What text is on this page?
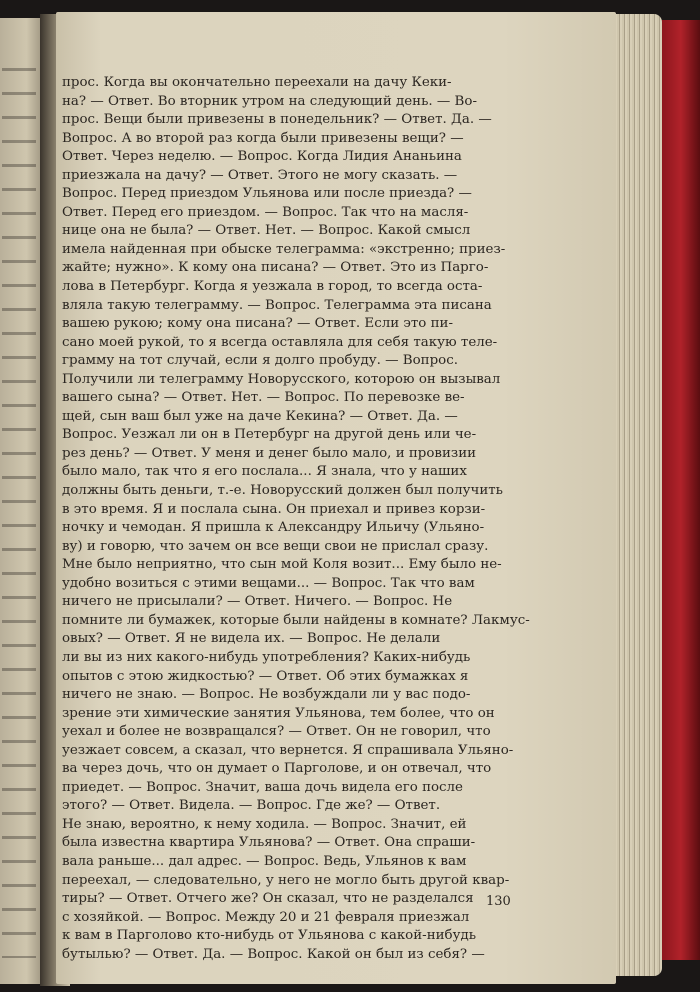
прос. Когда вы окончательно переехали на дачу Кеки-
на? — Ответ. Во вторник утром на следующий день. — Во-
прос. Вещи были привезены в понедельник? — Ответ. Да. —
Вопрос. А во второй раз когда были привезены вещи? —
Ответ. Через неделю. — Вопрос. Когда Лидия Ананьина
приезжала на дачу? — Ответ. Этого не могу сказать. —
Вопрос. Перед приездом Ульянова или после приезда? —
Ответ. Перед его приездом. — Вопрос. Так что на масля-
нице она не была? — Ответ. Нет. — Вопрос. Какой смысл
имела найденная при обыске телеграмма: «экстренно; приез-
жайте; нужно». К кому она писана? — Ответ. Это из Парго-
лова в Петербург. Когда я уезжала в город, то всегда оста-
вляла такую телеграмму. — Вопрос. Телеграмма эта писана
вашею рукою; кому она писана? — Ответ. Если это пи-
сано моей рукой, то я всегда оставляла для себя такую теле-
грамму на тот случай, если я долго пробуду. — Вопрос.
Получили ли телеграмму Новорусского, которою он вызывал
вашего сына? — Ответ. Нет. — Вопрос. По перевозке ве-
щей, сын ваш был уже на даче Кекина? — Ответ. Да. —
Вопрос. Уезжал ли он в Петербург на другой день или че-
рез день? — Ответ. У меня и денег было мало, и провизии
было мало, так что я его послала... Я знала, что у наших
должны быть деньги, т.-е. Новорусский должен был получить
в это время. Я и послала сына. Он приехал и привез корзи-
ночку и чемодан. Я пришла к Александру Ильичу (Ульяно-
ву) и говорю, что зачем он все вещи свои не прислал сразу.
Мне было неприятно, что сын мой Коля возит... Ему было не-
удобно возиться с этими вещами... — Вопрос. Так что вам
ничего не присылали? — Ответ. Ничего. — Вопрос. Не
помните ли бумажек, которые были найдены в комнате? Лакмус-
овых? — Ответ. Я не видела их. — Вопрос. Не делали
ли вы из них какого-нибудь употребления? Каких-нибудь
опытов с этою жидкостью? — Ответ. Об этих бумажках я
ничего не знаю. — Вопрос. Не возбуждали ли у вас подо-
зрение эти химические занятия Ульянова, тем более, что он
уехал и более не возвращался? — Ответ. Он не говорил, что
уезжает совсем, а сказал, что вернется. Я спрашивала Ульяно-
ва через дочь, что он думает о Парголове, и он отвечал, что
приедет. — Вопрос. Значит, ваша дочь видела его после
этого? — Ответ. Видела. — Вопрос. Где же? — Ответ.
Не знаю, вероятно, к нему ходила. — Вопрос. Значит, ей
была известна квартира Ульянова? — Ответ. Она спраши-
вала раньше... дал адрес. — Вопрос. Ведь, Ульянов к вам
переехал, — следовательно, у него не могло быть другой квар-
тиры? — Ответ. Отчего же? Он сказал, что не разделался
с хозяйкой. — Вопрос. Между 20 и 21 февраля приезжал
к вам в Парголово кто-нибудь от Ульянова с какой-нибудь
бутылью? — Ответ. Да. — Вопрос. Какой он был из себя? —
130
